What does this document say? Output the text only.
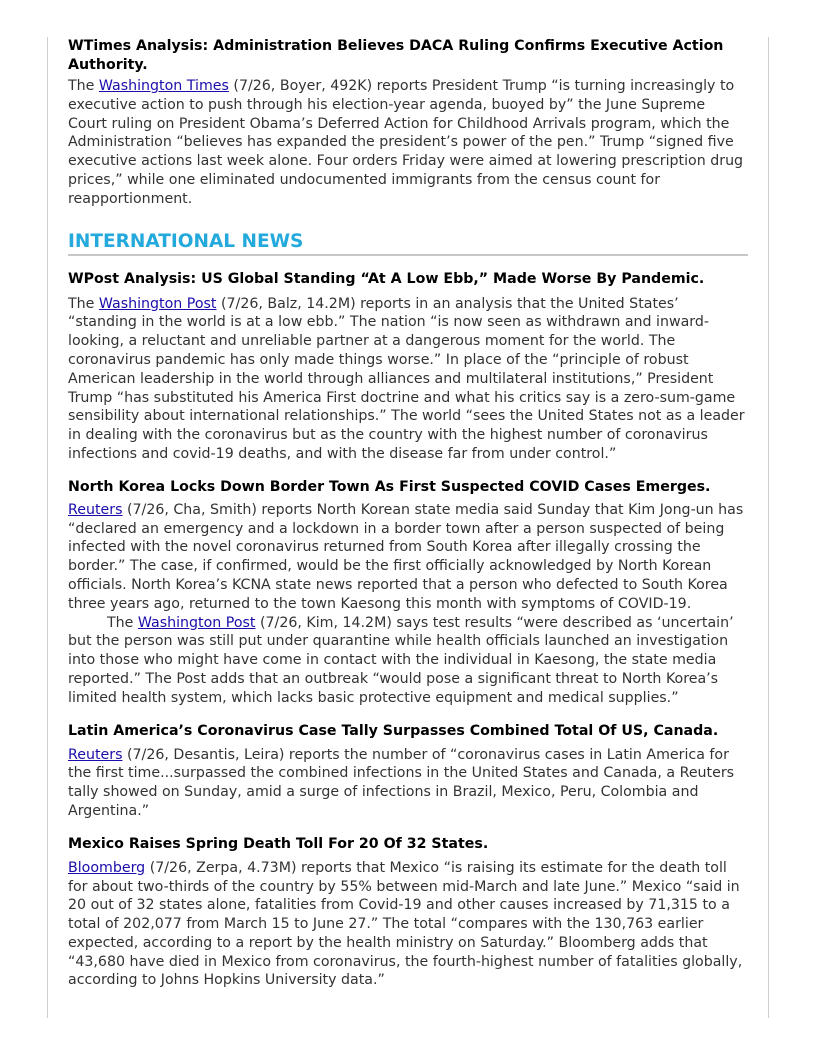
WTimes Analysis: Administration Believes DACA Ruling Confirms Executive Action Authority.

The Washington Times (7/26, Boyer, 492K) reports President Trump “is turning increasingly to executive action to push through his election-year agenda, buoyed by” the June Supreme Court ruling on President Obama’s Deferred Action for Childhood Arrivals program, which the Administration “believes has expanded the president’s power of the pen.” Trump “signed five executive actions last week alone. Four orders Friday were aimed at lowering prescription drug prices,” while one eliminated undocumented immigrants from the census count for reapportionment.

INTERNATIONAL NEWS

WPost Analysis: US Global Standing “At A Low Ebb,” Made Worse By Pandemic.

The Washington Post (7/26, Balz, 14.2M) reports in an analysis that the United States’ “standing in the world is at a low ebb.” The nation “is now seen as withdrawn and inward-looking, a reluctant and unreliable partner at a dangerous moment for the world. The coronavirus pandemic has only made things worse.” In place of the “principle of robust American leadership in the world through alliances and multilateral institutions,” President Trump “has substituted his America First doctrine and what his critics say is a zero-sum-game sensibility about international relationships.” The world “sees the United States not as a leader in dealing with the coronavirus but as the country with the highest number of coronavirus infections and covid-19 deaths, and with the disease far from under control.”

North Korea Locks Down Border Town As First Suspected COVID Cases Emerges.

Reuters (7/26, Cha, Smith) reports North Korean state media said Sunday that Kim Jong-un has “declared an emergency and a lockdown in a border town after a person suspected of being infected with the novel coronavirus returned from South Korea after illegally crossing the border.” The case, if confirmed, would be the first officially acknowledged by North Korean officials. North Korea’s KCNA state news reported that a person who defected to South Korea three years ago, returned to the town Kaesong this month with symptoms of COVID-19.

The Washington Post (7/26, Kim, 14.2M) says test results “were described as ‘uncertain’ but the person was still put under quarantine while health officials launched an investigation into those who might have come in contact with the individual in Kaesong, the state media reported.” The Post adds that an outbreak “would pose a significant threat to North Korea’s limited health system, which lacks basic protective equipment and medical supplies.”

Latin America’s Coronavirus Case Tally Surpasses Combined Total Of US, Canada.

Reuters (7/26, Desantis, Leira) reports the number of “coronavirus cases in Latin America for the first time...surpassed the combined infections in the United States and Canada, a Reuters tally showed on Sunday, amid a surge of infections in Brazil, Mexico, Peru, Colombia and Argentina.”

Mexico Raises Spring Death Toll For 20 Of 32 States.

Bloomberg (7/26, Zerpa, 4.73M) reports that Mexico “is raising its estimate for the death toll for about two-thirds of the country by 55% between mid-March and late June.” Mexico “said in 20 out of 32 states alone, fatalities from Covid-19 and other causes increased by 71,315 to a total of 202,077 from March 15 to June 27.” The total “compares with the 130,763 earlier expected, according to a report by the health ministry on Saturday.” Bloomberg adds that “43,680 have died in Mexico from coronavirus, the fourth-highest number of fatalities globally, according to Johns Hopkins University data.”
